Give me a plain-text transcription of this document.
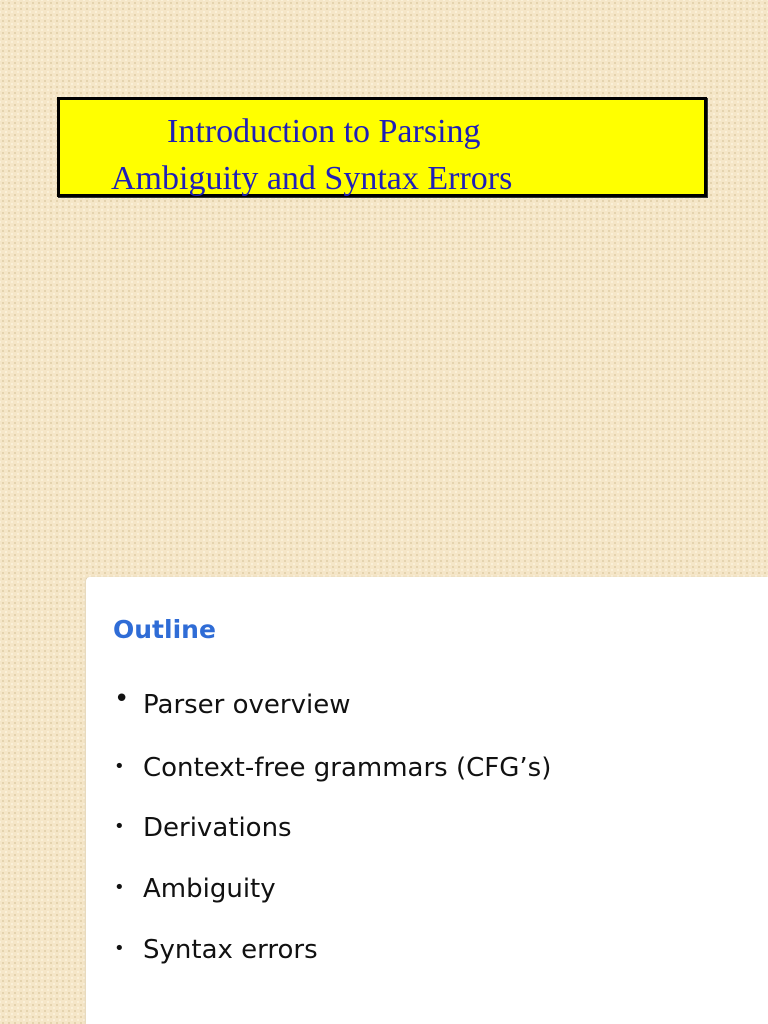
Introduction to Parsing
Ambiguity and Syntax Errors
Outline
• Parser overview
• Context-free grammars (CFG’s)
• Derivations
• Ambiguity
• Syntax errors
